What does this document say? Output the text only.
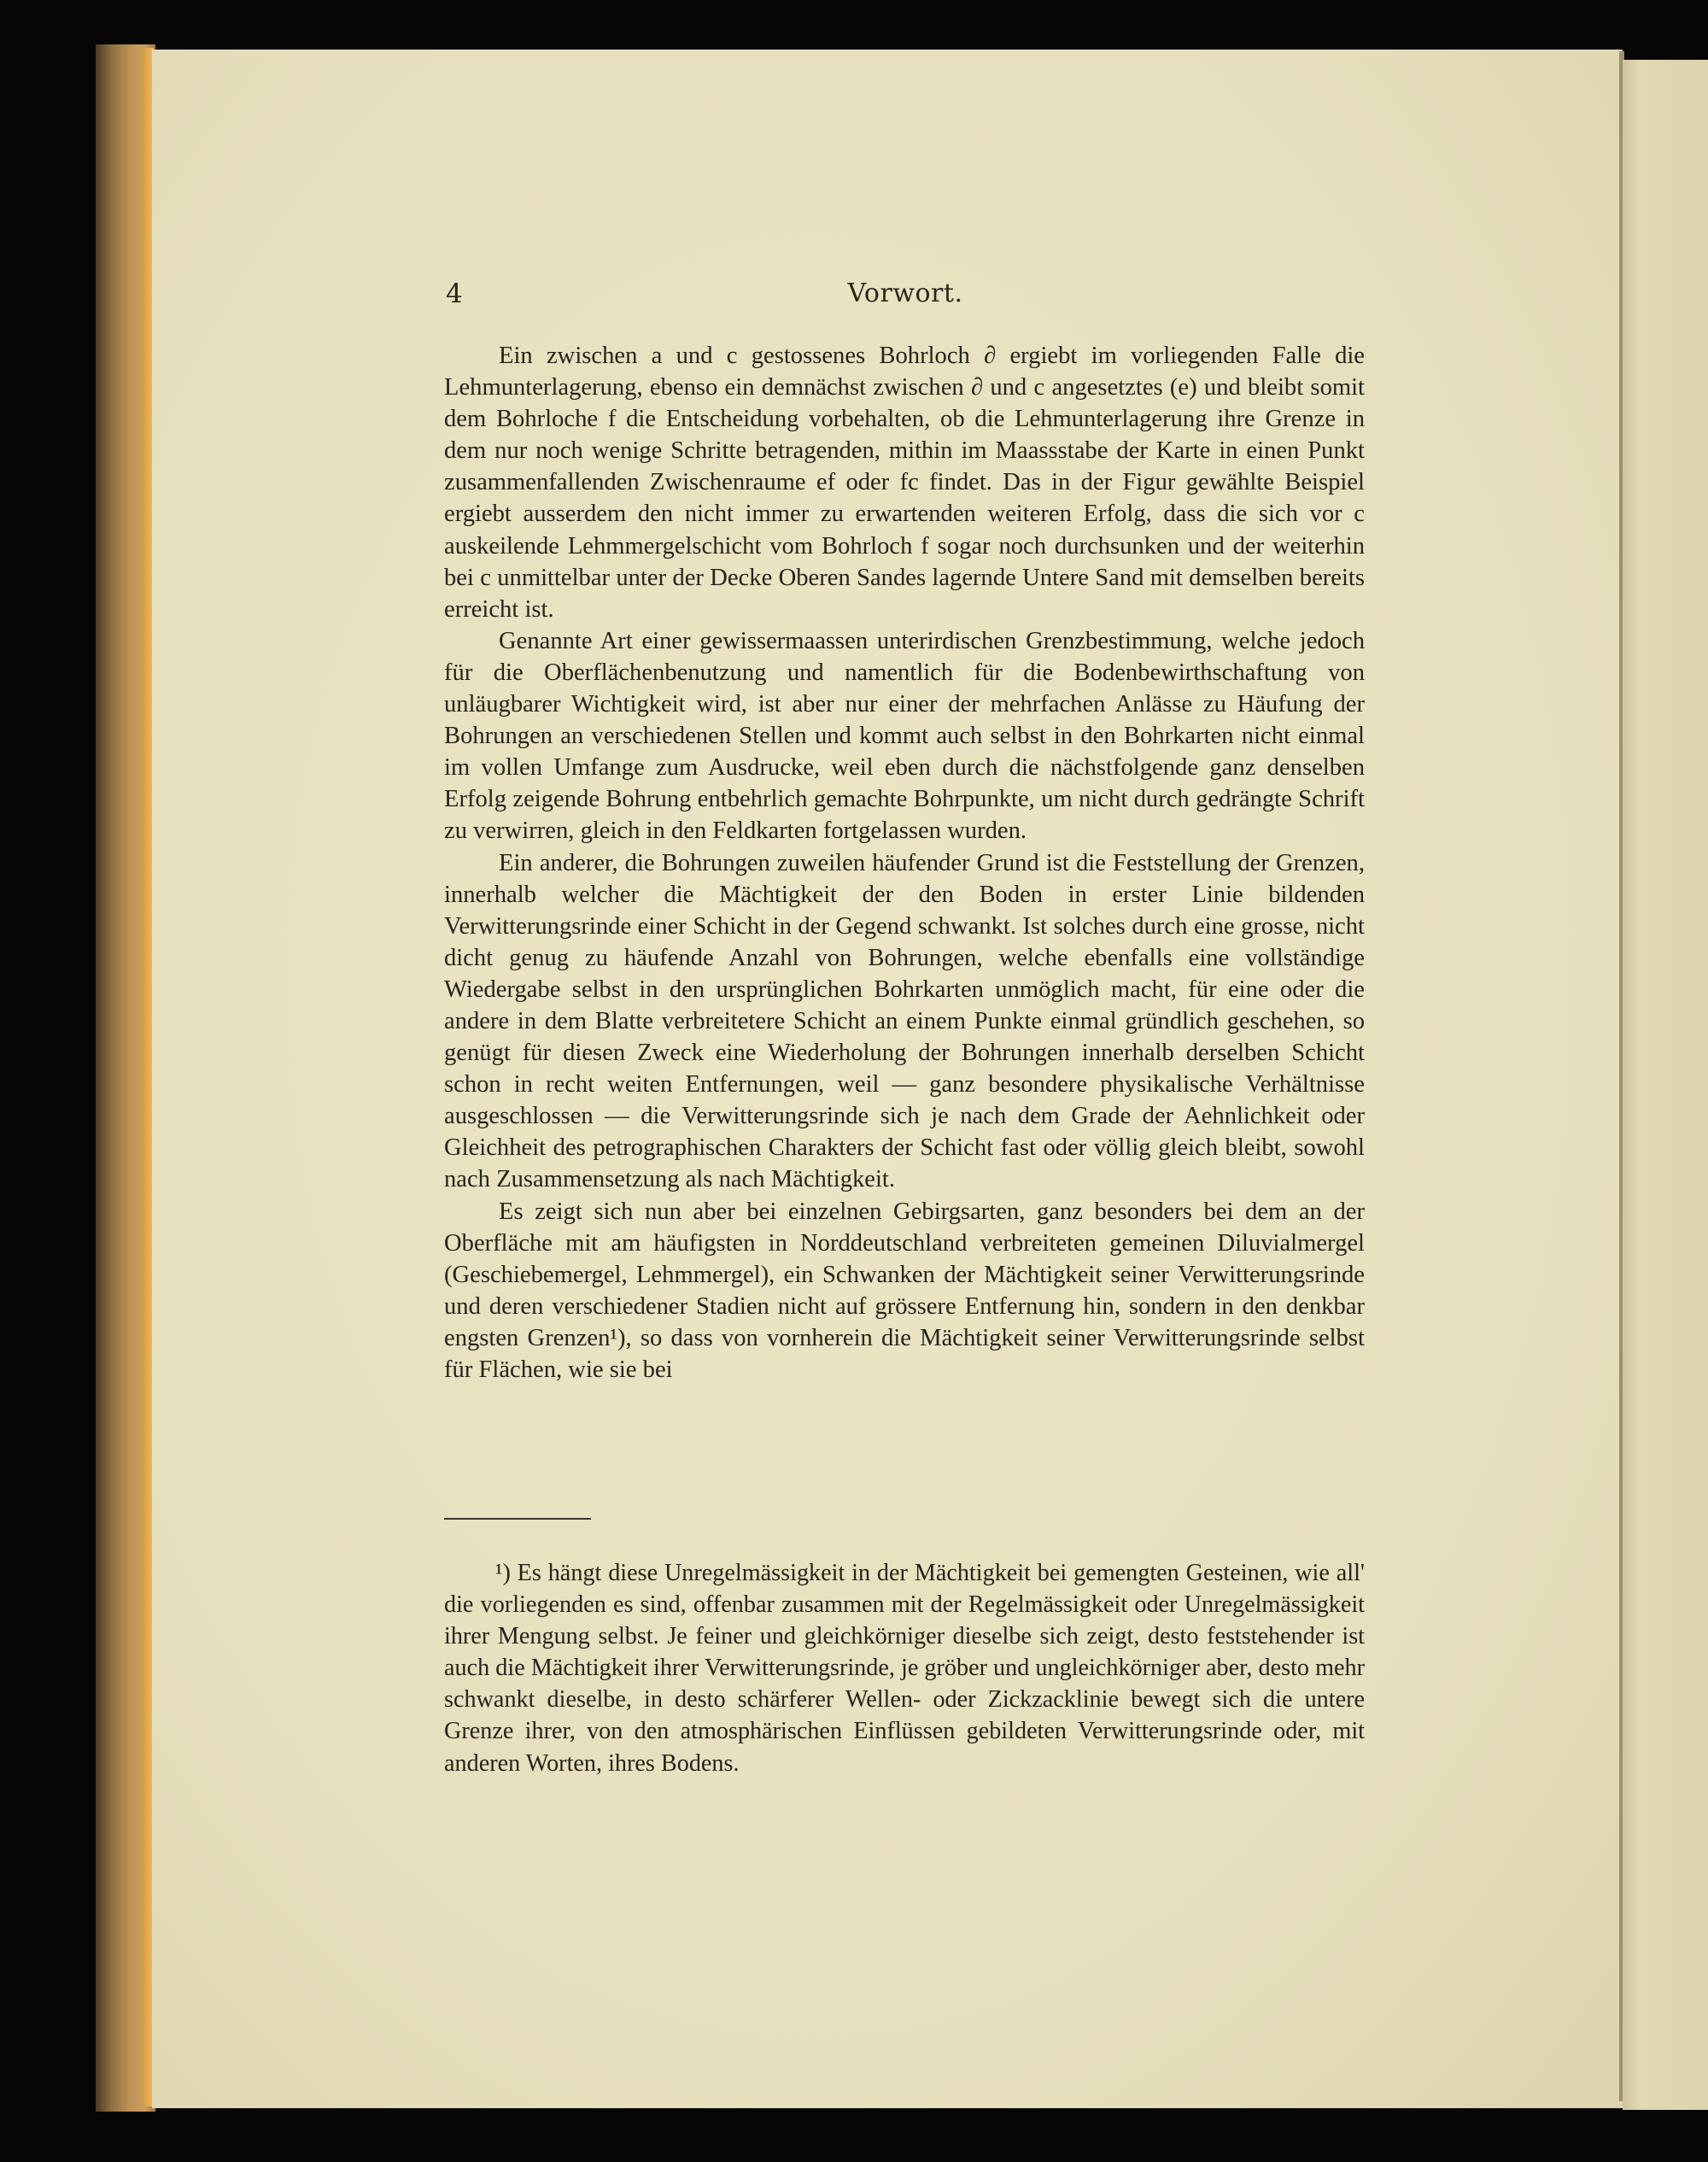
4	Vorwort.

Ein zwischen a und c gestossenes Bohrloch ∂ ergiebt im vorliegenden Falle die Lehmunterlagerung, ebenso ein demnächst zwischen ∂ und c angesetztes (e) und bleibt somit dem Bohrloche f die Entscheidung vorbehalten, ob die Lehmunterlagerung ihre Grenze in dem nur noch wenige Schritte betragenden, mithin im Maassstabe der Karte in einen Punkt zusammenfallenden Zwischenraume ef oder fc findet. Das in der Figur gewählte Beispiel ergiebt ausserdem den nicht immer zu erwartenden weiteren Erfolg, dass die sich vor c auskeilende Lehmmergelschicht vom Bohrloch f sogar noch durchsunken und der weiterhin bei c unmittelbar unter der Decke Oberen Sandes lagernde Untere Sand mit demselben bereits erreicht ist.

Genannte Art einer gewissermaassen unterirdischen Grenzbestimmung, welche jedoch für die Oberflächenbenutzung und namentlich für die Bodenbewirthschaftung von unläugbarer Wichtigkeit wird, ist aber nur einer der mehrfachen Anlässe zu Häufung der Bohrungen an verschiedenen Stellen und kommt auch selbst in den Bohrkarten nicht einmal im vollen Umfange zum Ausdrucke, weil eben durch die nächstfolgende ganz denselben Erfolg zeigende Bohrung entbehrlich gemachte Bohrpunkte, um nicht durch gedrängte Schrift zu verwirren, gleich in den Feldkarten fortgelassen wurden.

Ein anderer, die Bohrungen zuweilen häufender Grund ist die Feststellung der Grenzen, innerhalb welcher die Mächtigkeit der den Boden in erster Linie bildenden Verwitterungsrinde einer Schicht in der Gegend schwankt. Ist solches durch eine grosse, nicht dicht genug zu häufende Anzahl von Bohrungen, welche ebenfalls eine vollständige Wiedergabe selbst in den ursprünglichen Bohrkarten unmöglich macht, für eine oder die andere in dem Blatte verbreitetere Schicht an einem Punkte einmal gründlich geschehen, so genügt für diesen Zweck eine Wiederholung der Bohrungen innerhalb derselben Schicht schon in recht weiten Entfernungen, weil — ganz besondere physikalische Verhältnisse ausgeschlossen — die Verwitterungsrinde sich je nach dem Grade der Aehnlichkeit oder Gleichheit des petrographischen Charakters der Schicht fast oder völlig gleich bleibt, sowohl nach Zusammensetzung als nach Mächtigkeit.

Es zeigt sich nun aber bei einzelnen Gebirgsarten, ganz besonders bei dem an der Oberfläche mit am häufigsten in Norddeutschland verbreiteten gemeinen Diluvialmergel (Geschiebemergel, Lehmmergel), ein Schwanken der Mächtigkeit seiner Verwitterungsrinde und deren verschiedener Stadien nicht auf grössere Entfernung hin, sondern in den denkbar engsten Grenzen¹), so dass von vornherein die Mächtigkeit seiner Verwitterungsrinde selbst für Flächen, wie sie bei

¹) Es hängt diese Unregelmässigkeit in der Mächtigkeit bei gemengten Gesteinen, wie all' die vorliegenden es sind, offenbar zusammen mit der Regelmässigkeit oder Unregelmässigkeit ihrer Mengung selbst. Je feiner und gleichkörniger dieselbe sich zeigt, desto feststehender ist auch die Mächtigkeit ihrer Verwitterungsrinde, je gröber und ungleichkörniger aber, desto mehr schwankt dieselbe, in desto schärferer Wellen- oder Zickzacklinie bewegt sich die untere Grenze ihrer, von den atmosphärischen Einflüssen gebildeten Verwitterungsrinde oder, mit anderen Worten, ihres Bodens.
